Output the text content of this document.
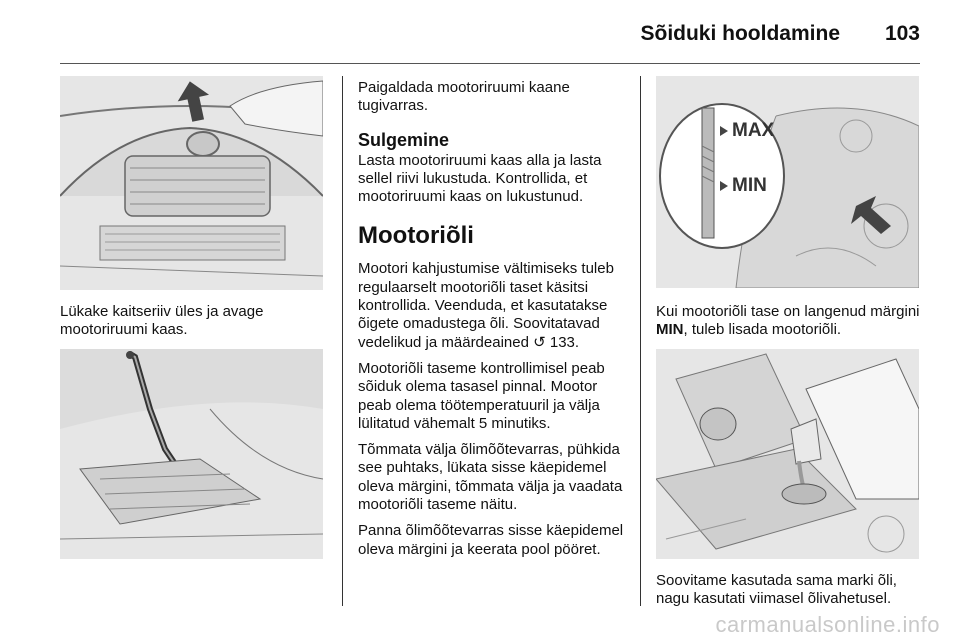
Sõiduki hooldamine 103

Lükake kaitseriiv üles ja avage mootoriruumi kaas.

Paigaldada mootoriruumi kaane tugivarras.

Sulgemine

Lasta mootoriruumi kaas alla ja lasta sellel riivi lukustuda. Kontrollida, et mootoriruumi kaas on lukustunud.

Mootoriõli

Mootori kahjustumise vältimiseks tuleb regulaarselt mootoriõli taset käsitsi kontrollida. Veenduda, et kasutatakse õigete omadustega õli. Soovitatavad vedelikud ja määrdeained ↺ 133.

Mootoriõli taseme kontrollimisel peab sõiduk olema tasasel pinnal. Mootor peab olema töötemperatuuril ja välja lülitatud vähemalt 5 minutiks.

Tõmmata välja õlimõõtevarras, pühkida see puhtaks, lükata sisse käepidemel oleva märgini, tõmmata välja ja vaadata mootoriõli taseme näitu.

Panna õlimõõtevarras sisse käepidemel oleva märgini ja keerata pool pööret.

MAX
MIN

Kui mootoriõli tase on langenud märgini MIN, tuleb lisada mootoriõli.

Soovitame kasutada sama marki õli, nagu kasutati viimasel õlivahetusel.

carmanualsonline.info
